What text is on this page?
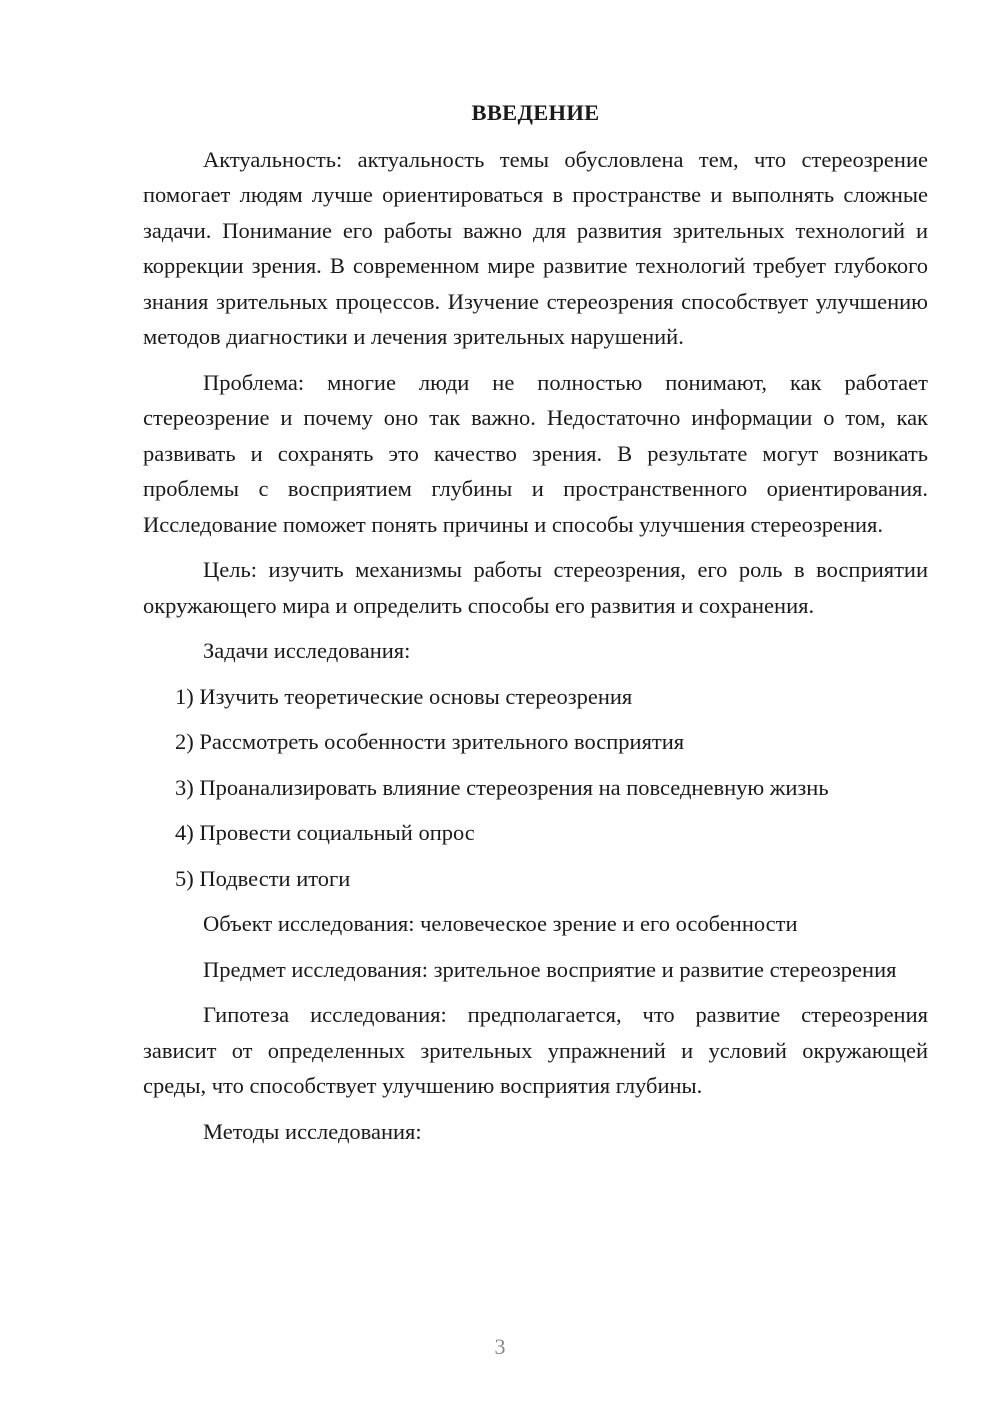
ВВЕДЕНИЕ

Актуальность: актуальность темы обусловлена тем, что стереозрение помогает людям лучше ориентироваться в пространстве и выполнять сложные задачи. Понимание его работы важно для развития зрительных технологий и коррекции зрения. В современном мире развитие технологий требует глубокого знания зрительных процессов. Изучение стереозрения способствует улучшению методов диагностики и лечения зрительных нарушений.

Проблема: многие люди не полностью понимают, как работает стереозрение и почему оно так важно. Недостаточно информации о том, как развивать и сохранять это качество зрения. В результате могут возникать проблемы с восприятием глубины и пространственного ориентирования. Исследование поможет понять причины и способы улучшения стереозрения.

Цель: изучить механизмы работы стереозрения, его роль в восприятии окружающего мира и определить способы его развития и сохранения.

Задачи исследования:

1) Изучить теоретические основы стереозрения

2) Рассмотреть особенности зрительного восприятия

3) Проанализировать влияние стереозрения на повседневную жизнь

4) Провести социальный опрос

5) Подвести итоги

Объект исследования: человеческое зрение и его особенности

Предмет исследования: зрительное восприятие и развитие стереозрения

Гипотеза исследования: предполагается, что развитие стереозрения зависит от определенных зрительных упражнений и условий окружающей среды, что способствует улучшению восприятия глубины.

Методы исследования:

3
